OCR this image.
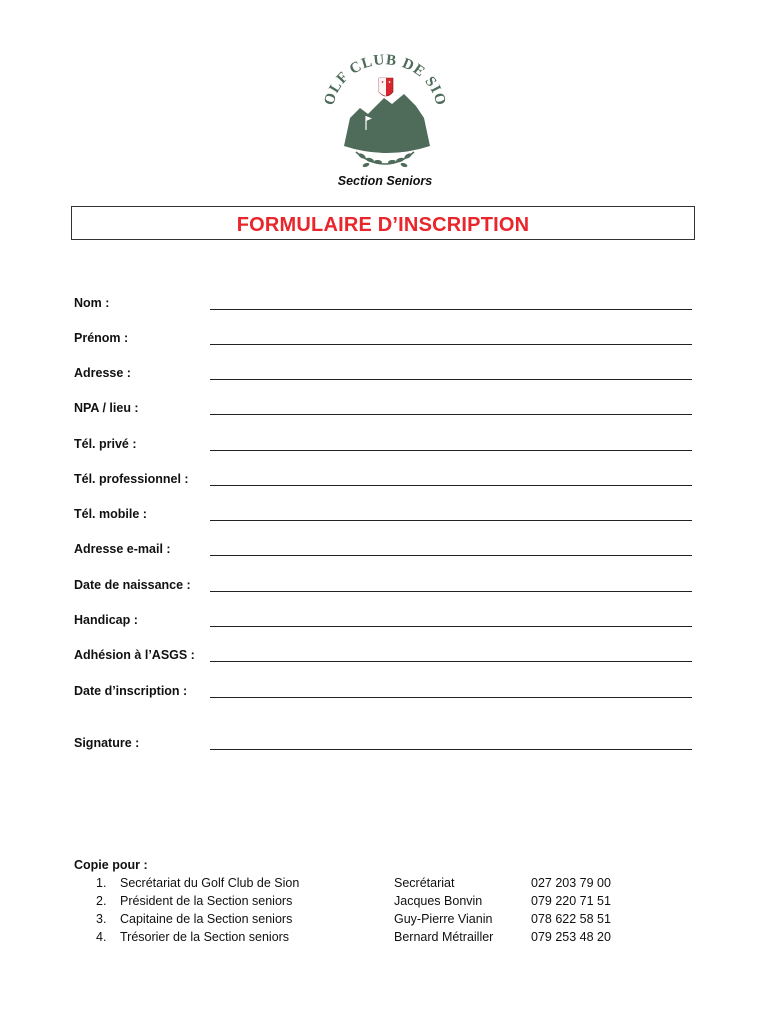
OLF CLUB DE SIO
Section Seniors
FORMULAIRE D’INSCRIPTION
Nom :
Prénom :
Adresse :
NPA / lieu :
Tél. privé :
Tél. professionnel :
Tél. mobile :
Adresse e-mail :
Date de naissance :
Handicap :
Adhésion à l’ASGS :
Date d’inscription :
Signature :
Copie pour :
1. Secrétariat du Golf Club de Sion	Secrétariat	027 203 79 00
2. Président de la Section seniors	Jacques Bonvin	079 220 71 51
3. Capitaine de la Section seniors	Guy-Pierre Vianin	078 622 58 51
4. Trésorier de la Section seniors	Bernard Métrailler	079 253 48 20
